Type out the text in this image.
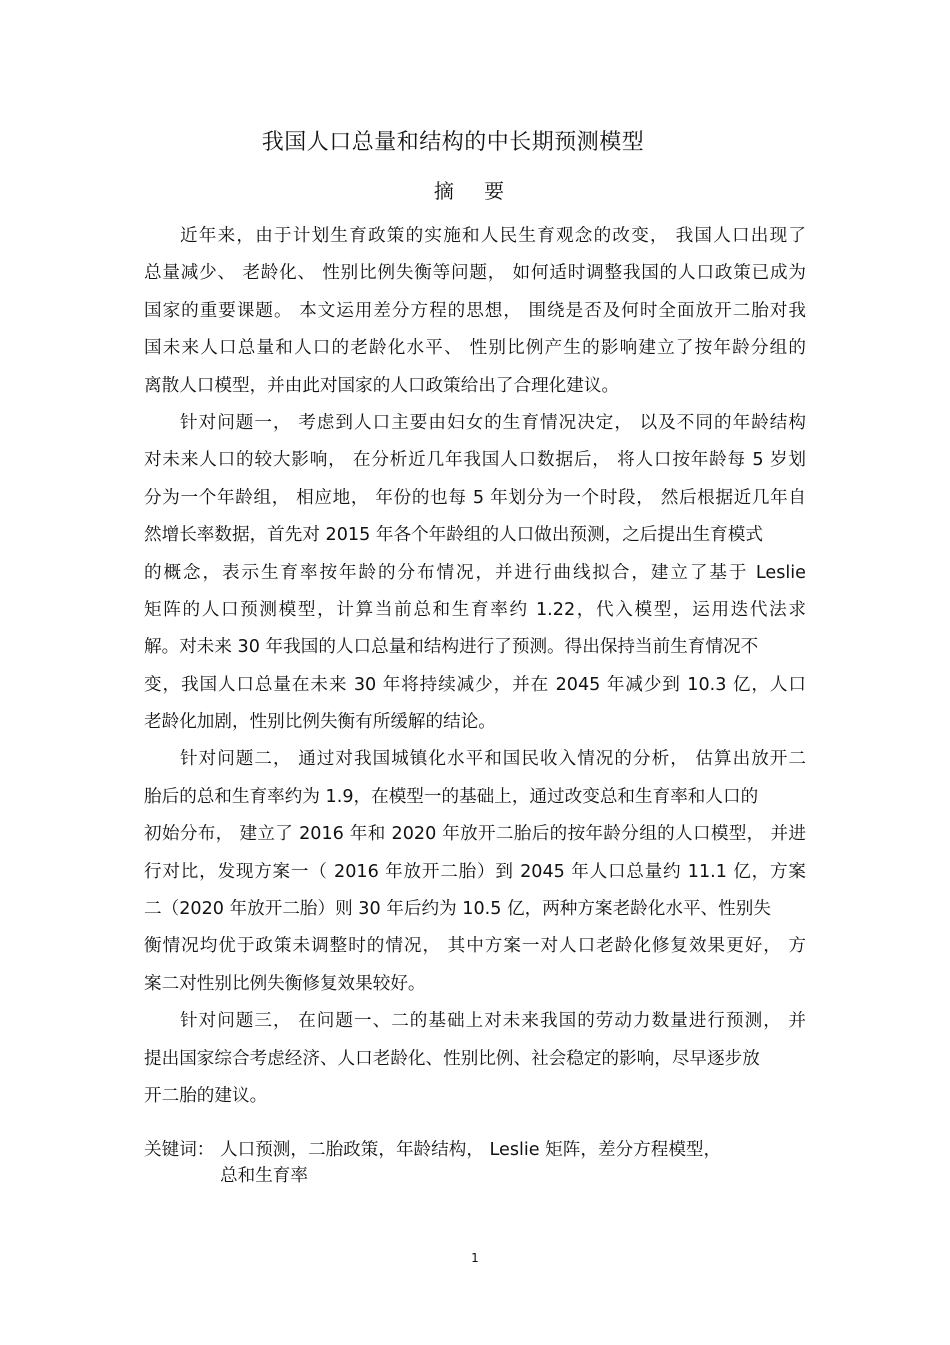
我国人口总量和结构的中长期预测模型
摘 要
近年来，由于计划生育政策的实施和人民生育观念的改变， 我国人口出现了
总量减少、 老龄化、 性别比例失衡等问题， 如何适时调整我国的人口政策已成为
国家的重要课题。 本文运用差分方程的思想， 围绕是否及何时全面放开二胎对我
国未来人口总量和人口的老龄化水平、 性别比例产生的影响建立了按年龄分组的
离散人口模型，并由此对国家的人口政策给出了合理化建议。
针对问题一， 考虑到人口主要由妇女的生育情况决定， 以及不同的年龄结构
对未来人口的较大影响， 在分析近几年我国人口数据后， 将人口按年龄每 5 岁划
分为一个年龄组， 相应地， 年份的也每 5 年划分为一个时段， 然后根据近几年自
然增长率数据，首先对 2015 年各个年龄组的人口做出预测，之后提出生育模式
的概念，表示生育率按年龄的分布情况，并进行曲线拟合，建立了基于 Leslie
矩阵的人口预测模型，计算当前总和生育率约 1.22，代入模型，运用迭代法求
解。对未来 30 年我国的人口总量和结构进行了预测。得出保持当前生育情况不
变，我国人口总量在未来 30 年将持续减少，并在 2045 年减少到 10.3 亿，人口
老龄化加剧，性别比例失衡有所缓解的结论。
针对问题二， 通过对我国城镇化水平和国民收入情况的分析， 估算出放开二
胎后的总和生育率约为 1.9，在模型一的基础上，通过改变总和生育率和人口的
初始分布， 建立了 2016 年和 2020 年放开二胎后的按年龄分组的人口模型， 并进
行对比，发现方案一（ 2016 年放开二胎）到 2045 年人口总量约 11.1 亿，方案
二（2020 年放开二胎）则 30 年后约为 10.5 亿，两种方案老龄化水平、性别失
衡情况均优于政策未调整时的情况， 其中方案一对人口老龄化修复效果更好， 方
案二对性别比例失衡修复效果较好。
针对问题三， 在问题一、二的基础上对未来我国的劳动力数量进行预测， 并
提出国家综合考虑经济、人口老龄化、性别比例、社会稳定的影响，尽早逐步放
开二胎的建议。
关键词： 人口预测，二胎政策，年龄结构， Leslie 矩阵，差分方程模型，
总和生育率
1
